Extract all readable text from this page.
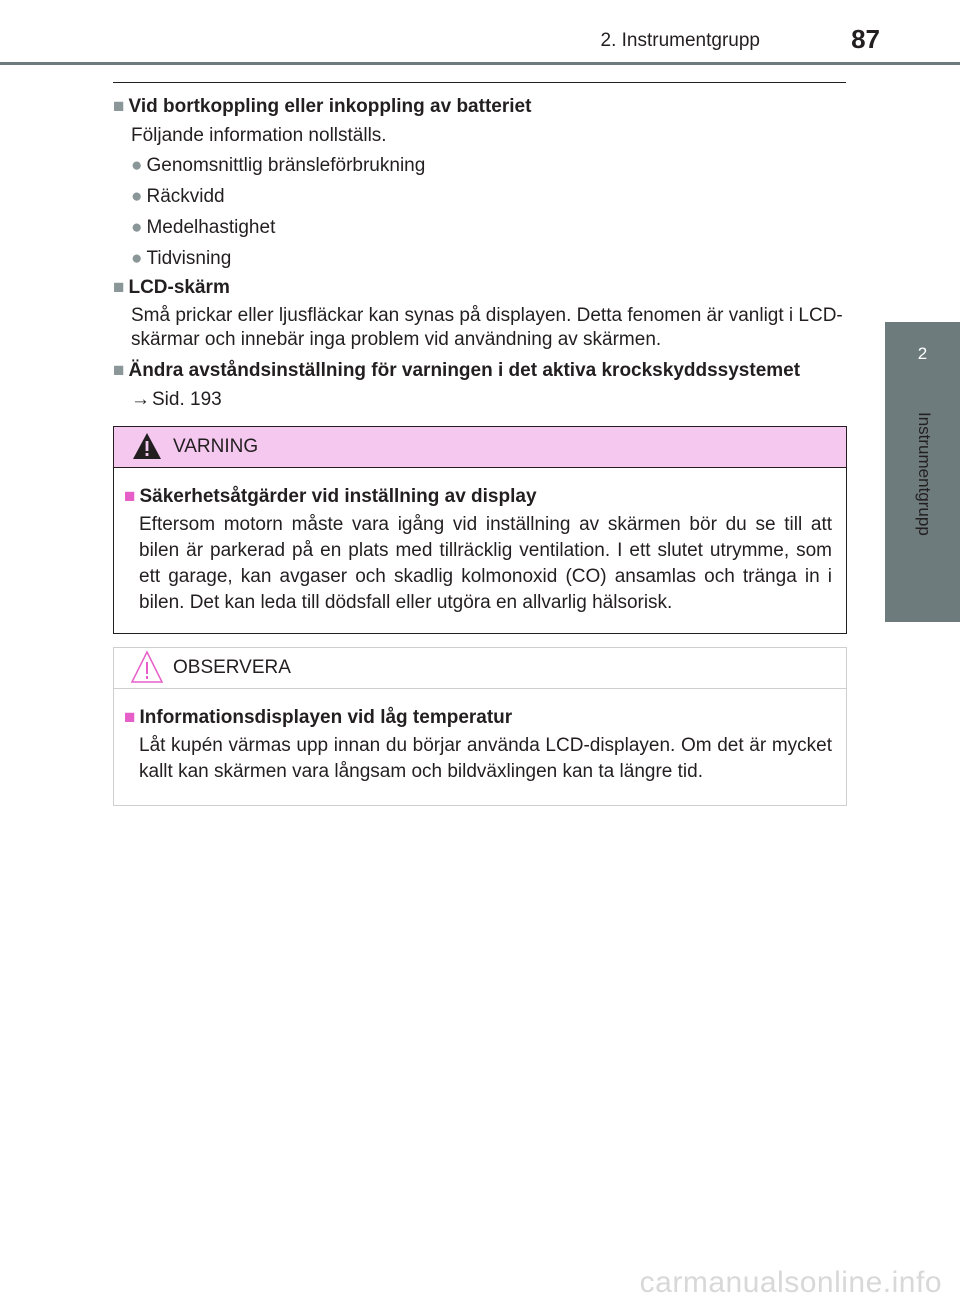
2. Instrumentgrupp	87
2
Instrumentgrupp
■ Vid bortkoppling eller inkoppling av batteriet
Följande information nollställs.
● Genomsnittlig bränsleförbrukning
● Räckvidd
● Medelhastighet
● Tidvisning
■ LCD-skärm
Små prickar eller ljusfläckar kan synas på displayen. Detta fenomen är vanligt i LCD-skärmar och innebär inga problem vid användning av skärmen.
■ Ändra avståndsinställning för varningen i det aktiva krockskyddssystemet
→ Sid. 193
VARNING
■ Säkerhetsåtgärder vid inställning av display
Eftersom motorn måste vara igång vid inställning av skärmen bör du se till att bilen är parkerad på en plats med tillräcklig ventilation. I ett slutet utrymme, som ett garage, kan avgaser och skadlig kolmonoxid (CO) ansamlas och tränga in i bilen. Det kan leda till dödsfall eller utgöra en allvarlig hälsorisk.
OBSERVERA
■ Informationsdisplayen vid låg temperatur
Låt kupén värmas upp innan du börjar använda LCD-displayen. Om det är mycket kallt kan skärmen vara långsam och bildväxlingen kan ta längre tid.
carmanualsonline.info
